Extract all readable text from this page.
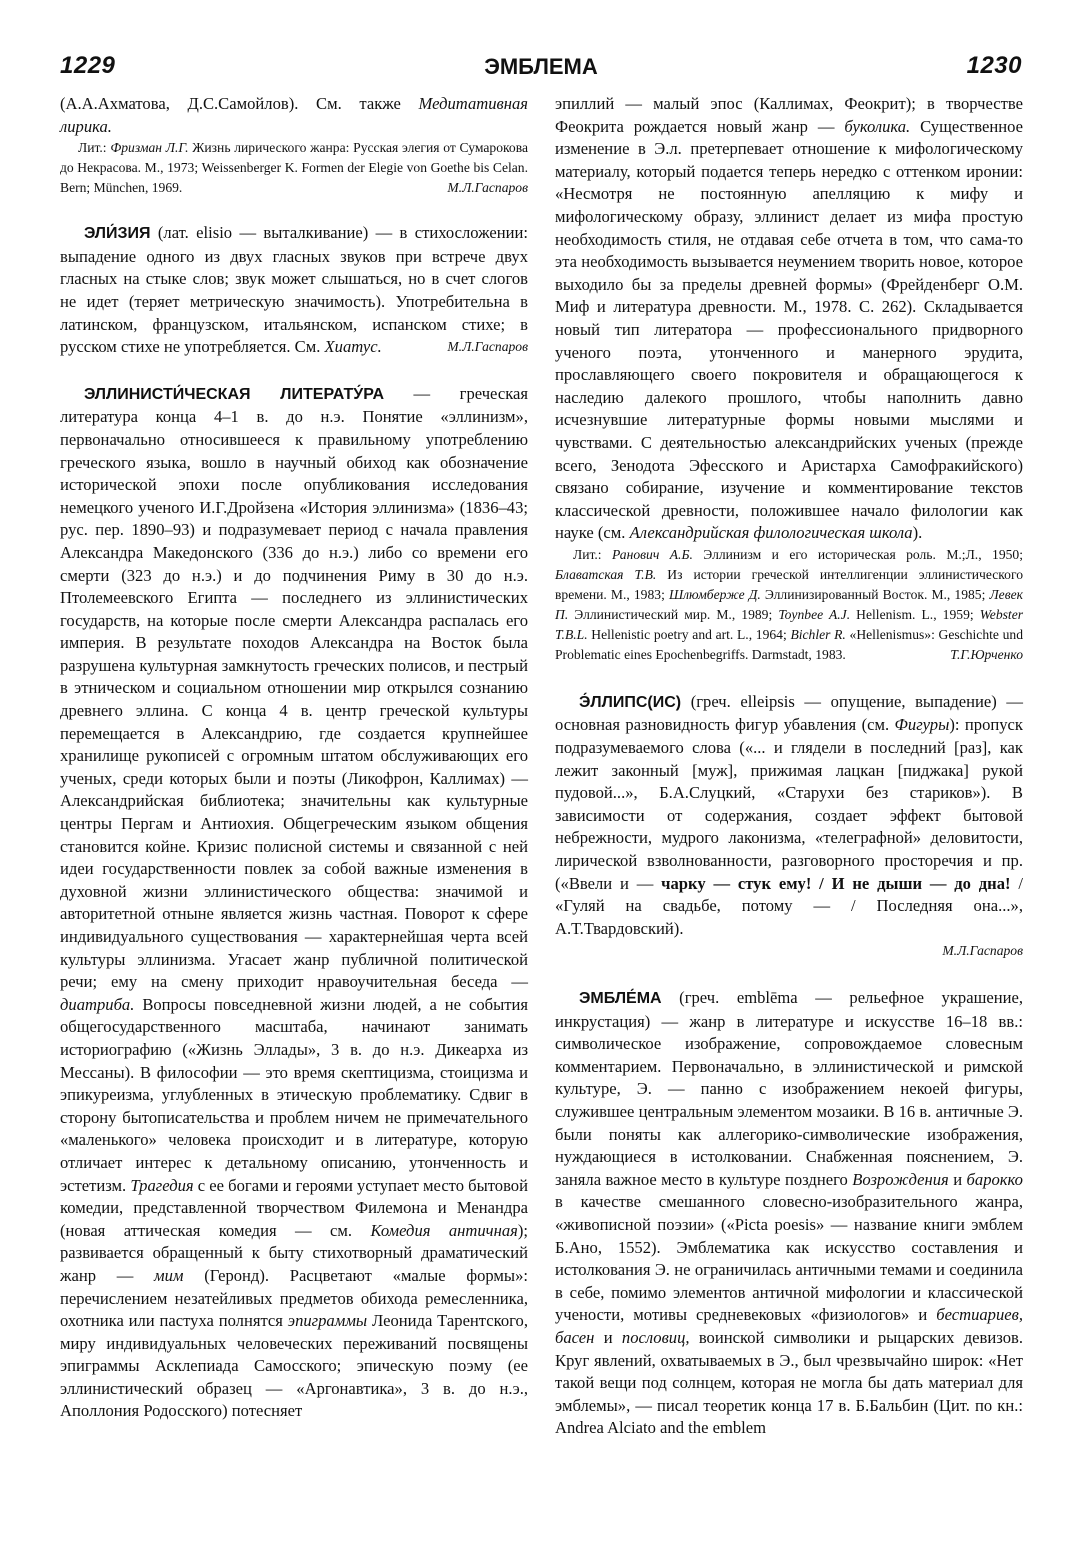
1229	ЭМБЛЕМА	1230

(А.А.Ахматова, Д.С.Самойлов). См. также Медитативная лирика.

Лит.: Фризман Л.Г. Жизнь лирического жанра: Русская элегия от Сумарокова до Некрасова. М., 1973; Weissenberger K. Formen der Elegie von Goethe bis Celan. Bern; München, 1969.	М.Л.Гаспаров

ЭЛИ́ЗИЯ (лат. elisio — выталкивание) — в стихосложении: выпадение одного из двух гласных звуков при встрече двух гласных на стыке слов; звук может слышаться, но в счет слогов не идет (теряет метрическую значимость). Употребительна в латинском, французском, итальянском, испанском стихе; в русском стихе не употребляется. См. Хиатус.	М.Л.Гаспаров

ЭЛЛИНИСТИ́ЧЕСКАЯ ЛИТЕРАТУ́РА — греческая литература конца 4–1 в. до н.э. Понятие «эллинизм», первоначально относившееся к правильному употреблению греческого языка, вошло в научный обиход как обозначение исторической эпохи после опубликования исследования немецкого ученого И.Г.Дройзена «История эллинизма» (1836–43; рус. пер. 1890–93) и подразумевает период с начала правления Александра Македонского (336 до н.э.) либо со времени его смерти (323 до н.э.) и до подчинения Риму в 30 до н.э. Птолемеевского Египта — последнего из эллинистических государств, на которые после смерти Александра распалась его империя. В результате походов Александра на Восток была разрушена культурная замкнутость греческих полисов, и пестрый в этническом и социальном отношении мир открылся сознанию древнего эллина. С конца 4 в. центр греческой культуры перемещается в Александрию, где создается крупнейшее хранилище рукописей с огромным штатом обслуживающих его ученых, среди которых были и поэты (Ликофрон, Каллимах) — Александрийская библиотека; значительны как культурные центры Пергам и Антиохия. Общегреческим языком общения становится койне. Кризис полисной системы и связанной с ней идеи государственности повлек за собой важные изменения в духовной жизни эллинистического общества: значимой и авторитетной отныне является жизнь частная. Поворот к сфере индивидуального существования — характернейшая черта всей культуры эллинизма. Угасает жанр публичной политической речи; ему на смену приходит нравоучительная беседа — диатриба. Вопросы повседневной жизни людей, а не события общегосударственного масштаба, начинают занимать историографию («Жизнь Эллады», 3 в. до н.э. Дикеарха из Мессаны). В философии — это время скептицизма, стоицизма и эпикуреизма, углубленных в этическую проблематику. Сдвиг в сторону бытописательства и проблем ничем не примечательного «маленького» человека происходит и в литературе, которую отличает интерес к детальному описанию, утонченность и эстетизм. Трагедия с ее богами и героями уступает место бытовой комедии, представленной творчеством Филемона и Менандра (новая аттическая комедия — см. Комедия античная); развивается обращенный к быту стихотворный драматический жанр — мим (Геронд). Расцветают «малые формы»: перечислением незатейливых предметов обихода ремесленника, охотника или пастуха полнятся эпиграммы Леонида Тарентского, миру индивидуальных человеческих переживаний посвящены эпиграммы Асклепиада Самосского; эпическую поэму (ее эллинистический образец — «Аргонавтика», 3 в. до н.э., Аполлония Родосского) потесняет

эпиллий — малый эпос (Каллимах, Феокрит); в творчестве Феокрита рождается новый жанр — буколика. Существенное изменение в Э.л. претерпевает отношение к мифологическому материалу, который подается теперь нередко с оттенком иронии: «Несмотря не постоянную апелляцию к мифу и мифологическому образу, эллинист делает из мифа простую необходимость стиля, не отдавая себе отчета в том, что сама-то эта необходимость вызывается неумением творить новое, которое выходило бы за пределы древней формы» (Фрейденберг О.М. Миф и литература древности. М., 1978. С. 262). Складывается новый тип литератора — профессионального придворного ученого поэта, утонченного и манерного эрудита, прославляющего своего покровителя и обращающегося к наследию далекого прошлого, чтобы наполнить давно исчезнувшие литературные формы новыми мыслями и чувствами. С деятельностью александрийских ученых (прежде всего, Зенодота Эфесского и Аристарха Самофракийского) связано собирание, изучение и комментирование текстов классической древности, положившее начало филологии как науке (см. Александрийская филологическая школа).

Лит.: Ранович А.Б. Эллинизм и его историческая роль. М.;Л., 1950; Блаватская Т.В. Из истории греческой интеллигенции эллинистического времени. М., 1983; Шлюмберже Д. Эллинизированный Восток. М., 1985; Левек П. Эллинистический мир. М., 1989; Toynbee A.J. Hellenism. L., 1959; Webster T.B.L. Hellenistic poetry and art. L., 1964; Bichler R. «Hellenismus»: Geschichte und Problematic eines Epochenbegriffs. Darmstadt, 1983.	Т.Г.Юрченко

Э́ЛЛИПС(ИС) (греч. elleipsis — опущение, выпадение) — основная разновидность фигур убавления (см. Фигуры): пропуск подразумеваемого слова («... и глядели в последний [раз], как лежит законный [муж], прижимая лацкан [пиджака] рукой пудовой...», Б.А.Слуцкий, «Старухи без стариков»). В зависимости от содержания, создает эффект бытовой небрежности, мудрого лаконизма, «телеграфной» деловитости, лирической взволнованности, разговорного просторечия и пр. («Ввели и — чарку — стук ему! / И не дыши — до дна! / «Гуляй на свадьбе, потому — / Последняя она...», А.Т.Твардовский).

М.Л.Гаспаров

ЭМБЛЕ́МА (греч. emblēma — рельефное украшение, инкрустация) — жанр в литературе и искусстве 16–18 вв.: символическое изображение, сопровождаемое словесным комментарием. Первоначально, в эллинистической и римской культуре, Э. — панно с изображением некоей фигуры, служившее центральным элементом мозаики. В 16 в. античные Э. были поняты как аллегорико-символические изображения, нуждающиеся в истолковании. Снабженная пояснением, Э. заняла важное место в культуре позднего Возрождения и барокко в качестве смешанного словесно-изобразительного жанра, «живописной поэзии» («Picta poesis» — название книги эмблем Б.Ано, 1552). Эмблематика как искусство составления и истолкования Э. не ограничилась античными темами и соединила в себе, помимо элементов античной мифологии и классической учености, мотивы средневековых «физиологов» и бестиариев, басен и пословиц, воинской символики и рыцарских девизов. Круг явлений, охватываемых в Э., был чрезвычайно широк: «Нет такой вещи под солнцем, которая не могла бы дать материал для эмблемы», — писал теоретик конца 17 в. Б.Бальбин (Цит. по кн.: Andrea Alciato and the emblem
